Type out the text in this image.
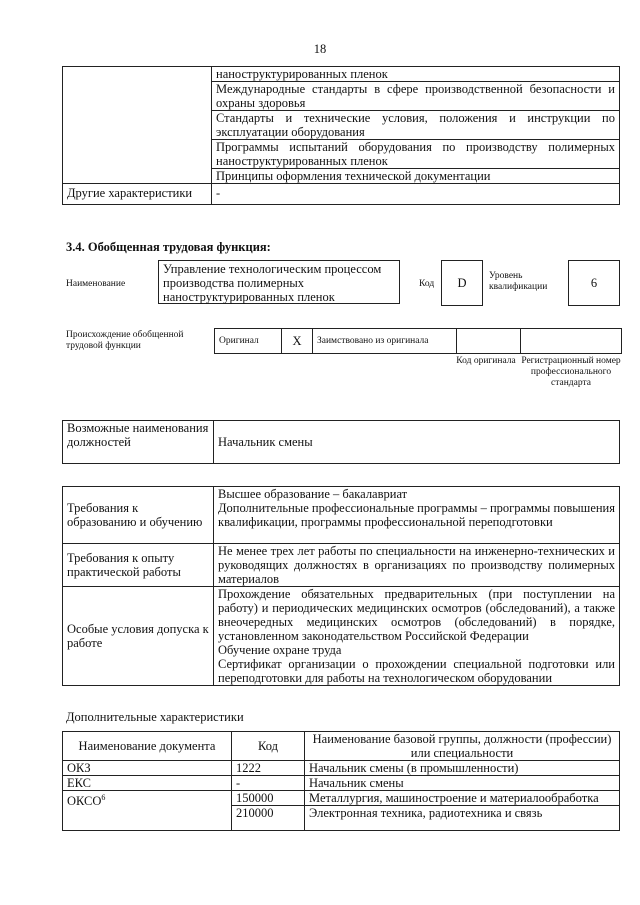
18
	наноструктурированных пленок
	Международные стандарты в сфере производственной безопасности и охраны здоровья
	Стандарты и технические условия, положения и инструкции по эксплуатации оборудования
	Программы испытаний оборудования по производству полимерных наноструктурированных пленок
	Принципы оформления технической документации
Другие характеристики	-
3.4. Обобщенная трудовая функция:
Наименование
Управление технологическим процессом производства полимерных наноструктурированных пленок
Код	D	Уровень квалификации	6
Происхождение обобщенной трудовой функции
Оригинал	X	Заимствовано из оригинала		
Код оригинала Регистрационный номер профессионального стандарта
Возможные наименования должностей	Начальник смены
Требования к образованию и обучению	Высшее образование – бакалавриат
Дополнительные профессиональные программы – программы повышения квалификации, программы профессиональной переподготовки

Требования к опыту практической работы	Не менее трех лет работы по специальности на инженерно-технических и руководящих должностях в организациях по производству полимерных материалов
Особые условия допуска к работе	Прохождение обязательных предварительных (при поступлении на работу) и периодических медицинских осмотров (обследований), а также внеочередных медицинских осмотров (обследований) в порядке, установленном законодательством Российской Федерации
Обучение охране труда
Сертификат организации о прохождении специальной подготовки или переподготовки для работы на технологическом оборудовании
Дополнительные характеристики
Наименование документа	Код	Наименование базовой группы, должности (профессии) или специальности
ОКЗ	1222	Начальник смены (в промышленности)
ЕКС	-	Начальник смены
ОКСО$^6$	150000	Металлургия, машиностроение и материалообработка
	210000	Электронная техника, радиотехника и связь
